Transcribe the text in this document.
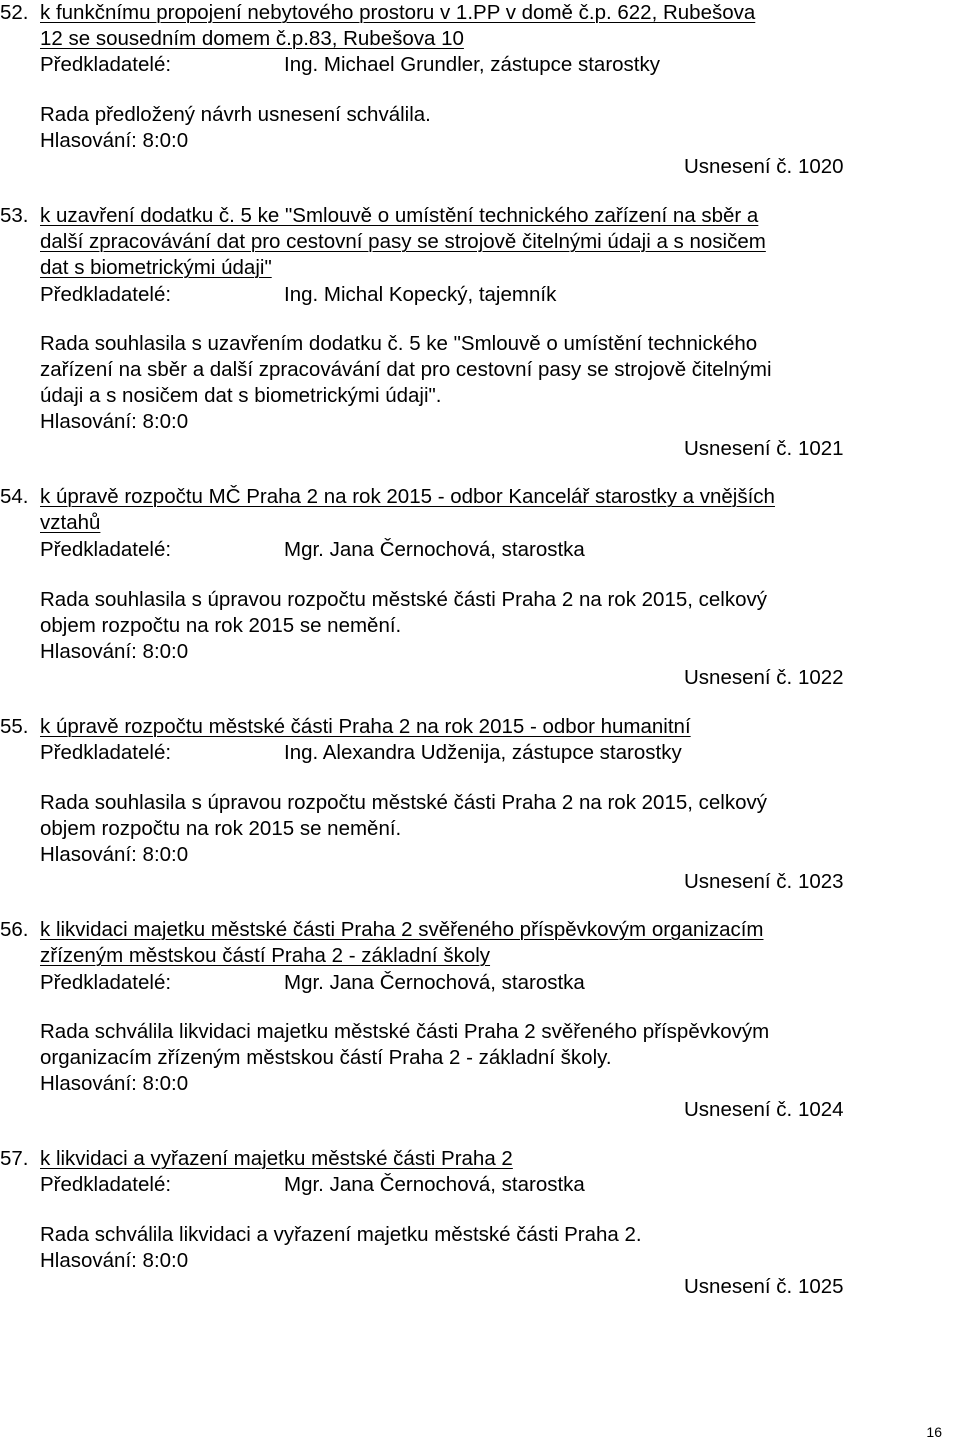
52. k funkčnímu propojení nebytového prostoru v 1.PP v domě č.p. 622, Rubešova
12 se sousedním domem č.p.83, Rubešova 10
Předkladatelé:	Ing. Michael Grundler, zástupce starostky
Rada předložený návrh usnesení schválila.
Hlasování: 8:0:0
Usnesení č. 1020
53. k uzavření dodatku č. 5 ke "Smlouvě o umístění technického zařízení na sběr a
další zpracovávání dat pro cestovní pasy se strojově čitelnými údaji a s nosičem
dat s biometrickými údaji"
Předkladatelé:	Ing. Michal Kopecký, tajemník
Rada souhlasila s uzavřením dodatku č. 5 ke "Smlouvě o umístění technického
zařízení na sběr a další zpracovávání dat pro cestovní pasy se strojově čitelnými
údaji a s nosičem dat s biometrickými údaji".
Hlasování: 8:0:0
Usnesení č. 1021
54. k úpravě rozpočtu MČ Praha 2 na rok 2015 - odbor Kancelář starostky a vnějších
vztahů
Předkladatelé:	Mgr. Jana Černochová, starostka
Rada souhlasila s úpravou rozpočtu městské části Praha 2 na rok 2015, celkový
objem rozpočtu na rok 2015 se nemění.
Hlasování: 8:0:0
Usnesení č. 1022
55. k úpravě rozpočtu městské části Praha 2 na rok 2015 - odbor humanitní
Předkladatelé:	Ing. Alexandra Udženija, zástupce starostky
Rada souhlasila s úpravou rozpočtu městské části Praha 2 na rok 2015, celkový
objem rozpočtu na rok 2015 se nemění.
Hlasování: 8:0:0
Usnesení č. 1023
56. k likvidaci majetku městské části Praha 2 svěřeného příspěvkovým organizacím
zřízeným městskou částí Praha 2 - základní školy
Předkladatelé:	Mgr. Jana Černochová, starostka
Rada schválila likvidaci majetku městské části Praha 2 svěřeného příspěvkovým
organizacím zřízeným městskou částí Praha 2 - základní školy.
Hlasování: 8:0:0
Usnesení č. 1024
57. k likvidaci a vyřazení majetku městské části Praha 2
Předkladatelé:	Mgr. Jana Černochová, starostka
Rada schválila likvidaci a vyřazení majetku městské části Praha 2.
Hlasování: 8:0:0
Usnesení č. 1025
16
